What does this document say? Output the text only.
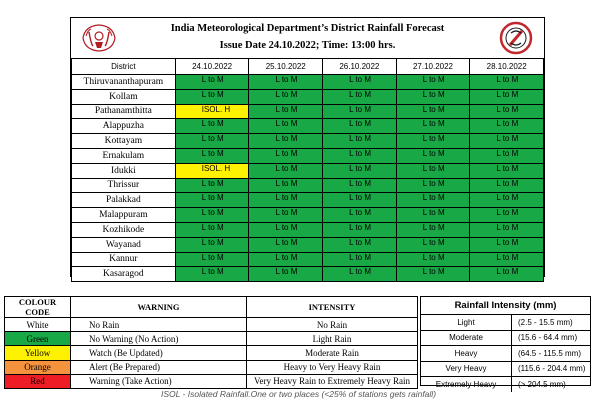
India Meteorological Department’s District Rainfall Forecast
Issue Date 24.10.2022; Time: 13:00 hrs.
District	24.10.2022	25.10.2022	26.10.2022	27.10.2022	28.10.2022
Thiruvananthapuram	L to M	L to M	L to M	L to M	L to M
Kollam	L to M	L to M	L to M	L to M	L to M
Pathanamthitta	ISOL. H	L to M	L to M	L to M	L to M
Alappuzha	L to M	L to M	L to M	L to M	L to M
Kottayam	L to M	L to M	L to M	L to M	L to M
Ernakulam	L to M	L to M	L to M	L to M	L to M
Idukki	ISOL. H	L to M	L to M	L to M	L to M
Thrissur	L to M	L to M	L to M	L to M	L to M
Palakkad	L to M	L to M	L to M	L to M	L to M
Malappuram	L to M	L to M	L to M	L to M	L to M
Kozhikode	L to M	L to M	L to M	L to M	L to M
Wayanad	L to M	L to M	L to M	L to M	L to M
Kannur	L to M	L to M	L to M	L to M	L to M
Kasaragod	L to M	L to M	L to M	L to M	L to M
COLOUR CODE	WARNING	INTENSITY
White	No Rain	No Rain
Green	No Warning (No Action)	Light Rain
Yellow	Watch (Be Updated)	Moderate Rain
Orange	Alert (Be Prepared)	Heavy to Very Heavy Rain
Red	Warning (Take Action)	Very Heavy Rain to Extremely Heavy Rain
Rainfall Intensity (mm)
Light	(2.5 - 15.5 mm)
Moderate	(15.6 - 64.4 mm)
Heavy	(64.5 - 115.5 mm)
Very Heavy	(115.6 - 204.4 mm)
Extremely Heavy	(> 204.5 mm)
ISOL - Isolated Rainfall.One or two places (<25% of stations gets rainfall)
